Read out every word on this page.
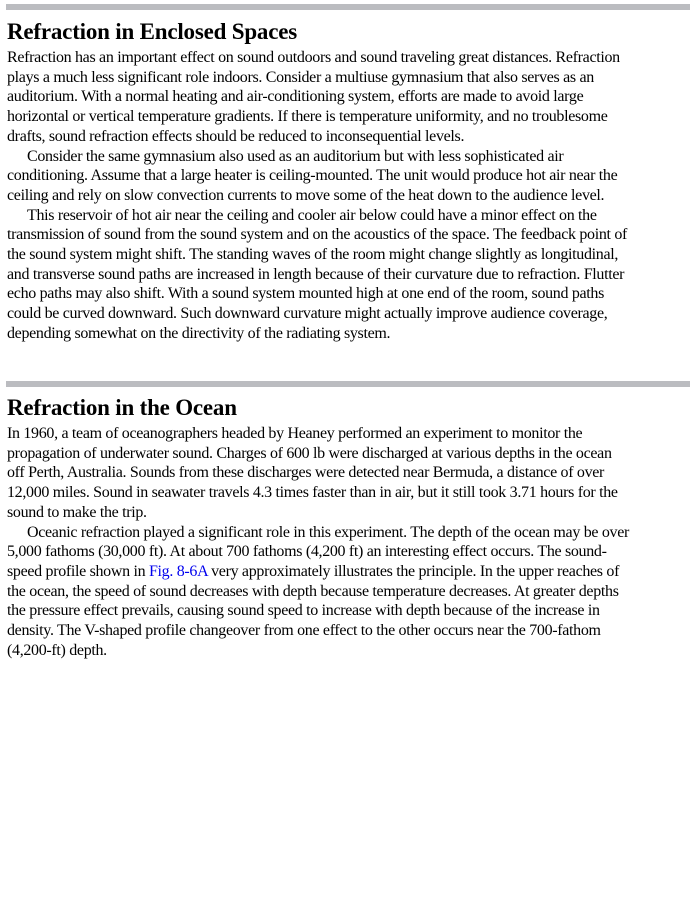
Refraction in Enclosed Spaces
Refraction has an important effect on sound outdoors and sound traveling great distances. Refraction
plays a much less significant role indoors. Consider a multiuse gymnasium that also serves as an
auditorium. With a normal heating and air-conditioning system, efforts are made to avoid large
horizontal or vertical temperature gradients. If there is temperature uniformity, and no troublesome
drafts, sound refraction effects should be reduced to inconsequential levels.
Consider the same gymnasium also used as an auditorium but with less sophisticated air
conditioning. Assume that a large heater is ceiling-mounted. The unit would produce hot air near the
ceiling and rely on slow convection currents to move some of the heat down to the audience level.
This reservoir of hot air near the ceiling and cooler air below could have a minor effect on the
transmission of sound from the sound system and on the acoustics of the space. The feedback point of
the sound system might shift. The standing waves of the room might change slightly as longitudinal,
and transverse sound paths are increased in length because of their curvature due to refraction. Flutter
echo paths may also shift. With a sound system mounted high at one end of the room, sound paths
could be curved downward. Such downward curvature might actually improve audience coverage,
depending somewhat on the directivity of the radiating system.
Refraction in the Ocean
In 1960, a team of oceanographers headed by Heaney performed an experiment to monitor the
propagation of underwater sound. Charges of 600 lb were discharged at various depths in the ocean
off Perth, Australia. Sounds from these discharges were detected near Bermuda, a distance of over
12,000 miles. Sound in seawater travels 4.3 times faster than in air, but it still took 3.71 hours for the
sound to make the trip.
Oceanic refraction played a significant role in this experiment. The depth of the ocean may be over
5,000 fathoms (30,000 ft). At about 700 fathoms (4,200 ft) an interesting effect occurs. The sound-
speed profile shown in Fig. 8-6A very approximately illustrates the principle. In the upper reaches of
the ocean, the speed of sound decreases with depth because temperature decreases. At greater depths
the pressure effect prevails, causing sound speed to increase with depth because of the increase in
density. The V-shaped profile changeover from one effect to the other occurs near the 700-fathom
(4,200-ft) depth.
